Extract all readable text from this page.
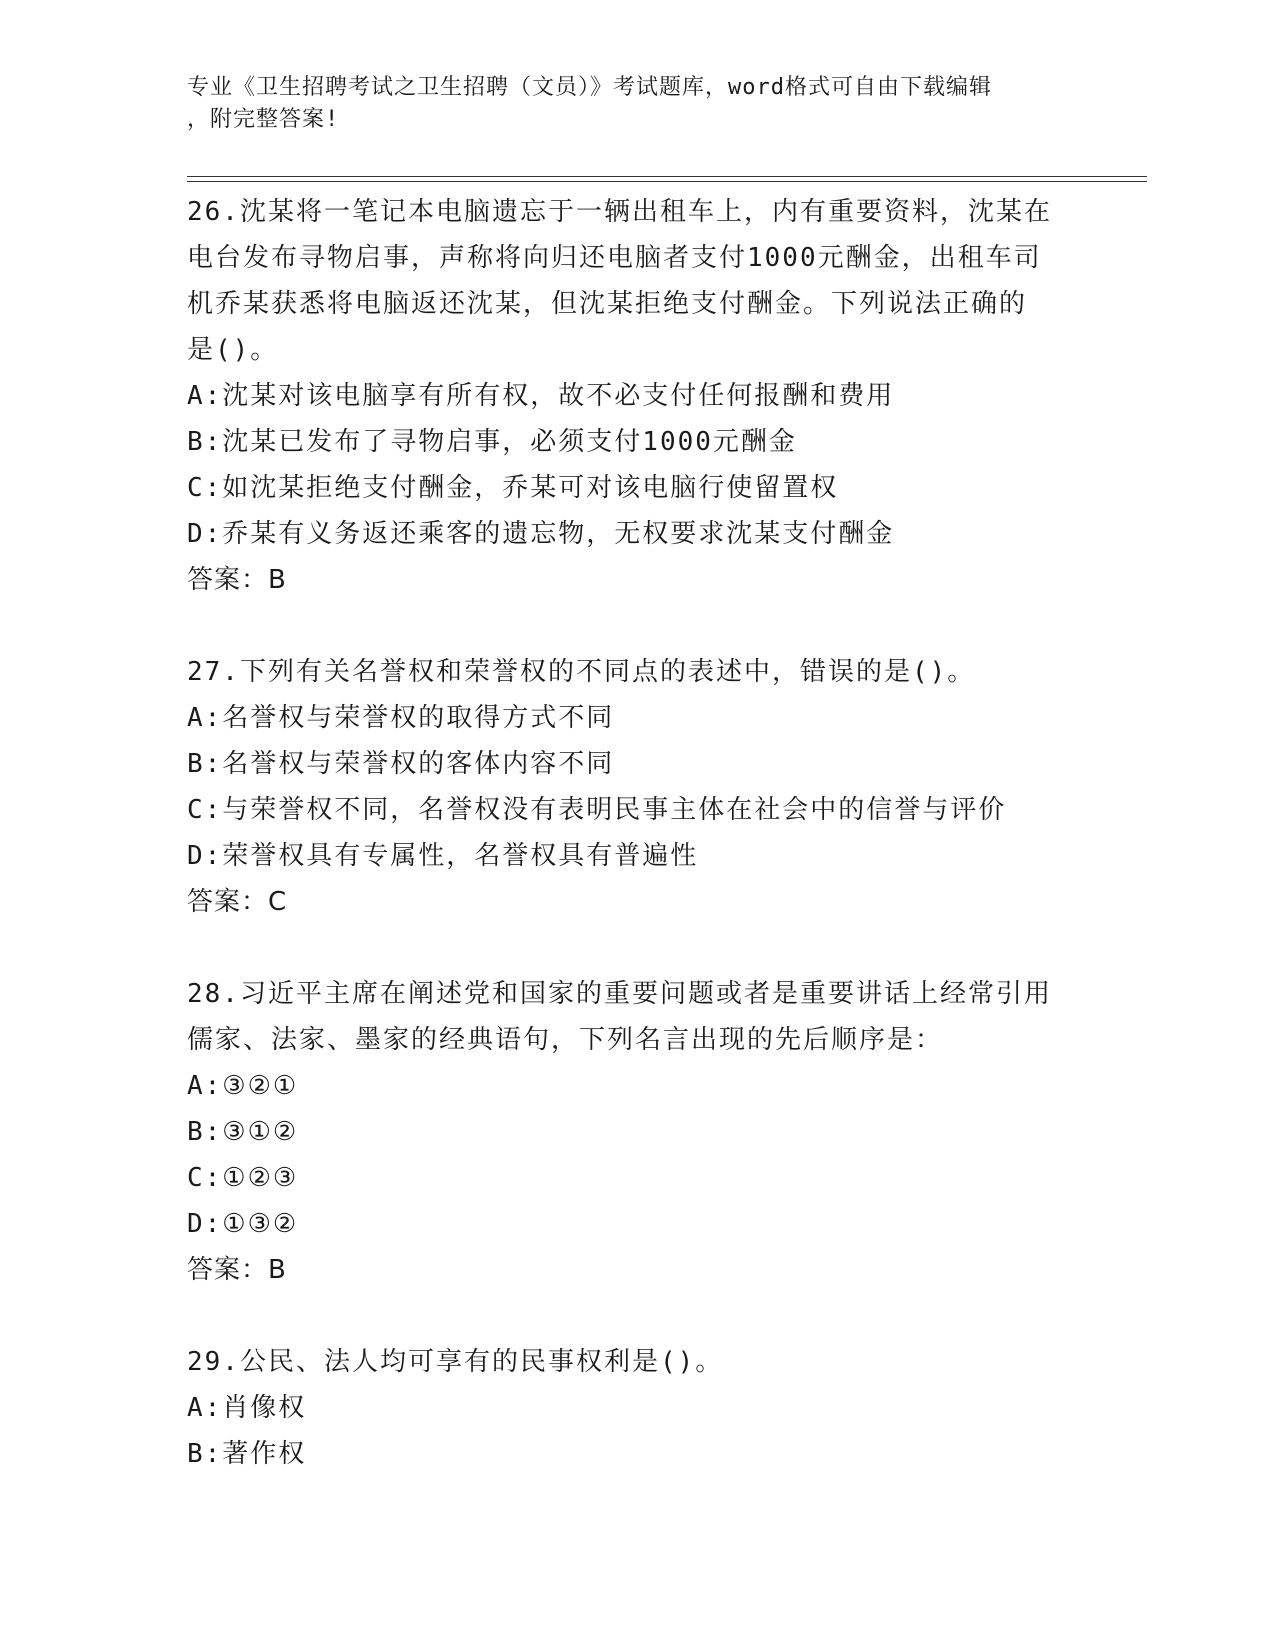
专业《卫生招聘考试之卫生招聘（文员）》考试题库，word格式可自由下载编辑
，附完整答案!
26.沈某将一笔记本电脑遗忘于一辆出租车上，内有重要资料，沈某在
电台发布寻物启事，声称将向归还电脑者支付1000元酬金，出租车司
机乔某获悉将电脑返还沈某，但沈某拒绝支付酬金。下列说法正确的
是()。
A:沈某对该电脑享有所有权，故不必支付任何报酬和费用
B:沈某已发布了寻物启事，必须支付1000元酬金
C:如沈某拒绝支付酬金，乔某可对该电脑行使留置权
D:乔某有义务返还乘客的遗忘物，无权要求沈某支付酬金
答案：B
27.下列有关名誉权和荣誉权的不同点的表述中，错误的是()。
A:名誉权与荣誉权的取得方式不同
B:名誉权与荣誉权的客体内容不同
C:与荣誉权不同，名誉权没有表明民事主体在社会中的信誉与评价
D:荣誉权具有专属性，名誉权具有普遍性
答案：C
28.习近平主席在阐述党和国家的重要问题或者是重要讲话上经常引用
儒家、法家、墨家的经典语句，下列名言出现的先后顺序是：
A:③②①
B:③①②
C:①②③
D:①③②
答案：B
29.公民、法人均可享有的民事权利是()。
A:肖像权
B:著作权
